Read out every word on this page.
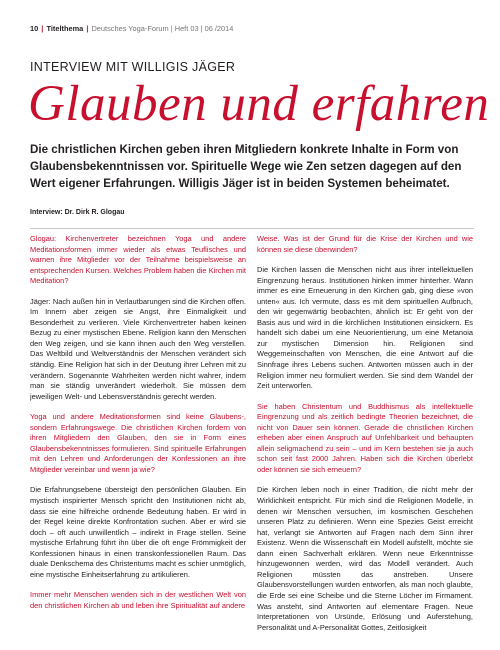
10 | Titelthema | Deutsches Yoga-Forum | Heft 03 | 06 /2014
INTERVIEW MIT WILLIGIS JÄGER
Glauben und erfahren
Die christlichen Kirchen geben ihren Mitgliedern konkrete Inhalte in Form von Glaubensbekenntnissen vor. Spirituelle Wege wie Zen setzen dagegen auf den Wert eigener Erfahrungen. Willigis Jäger ist in beiden Systemen beheimatet.
Interview: Dr. Dirk R. Glogau

Glogau: Kirchenvertreter bezeichnen Yoga und andere Meditationsformen immer wieder als etwas Teuflisches und warnen ihre Mitglieder vor der Teilnahme beispielsweise an entsprechenden Kursen. Welches Problem haben die Kirchen mit Meditation?

Jäger: Nach außen hin in Verlautbarungen sind die Kirchen offen. Im Innern aber zeigen sie Angst, ihre Einmaligkeit und Besonderheit zu verlieren. Viele Kirchenvertreter haben keinen Bezug zu einer mystischen Ebene. Religion kann den Menschen den Weg zeigen, und sie kann ihnen auch den Weg verstellen. Das Weltbild und Weltverständnis der Menschen verändert sich ständig. Eine Religion hat sich in der Deutung ihrer Lehren mit zu verändern. Sogenannte Wahrheiten werden nicht wahrer, indem man sie ständig unverändert wiederholt. Sie müssen dem jeweiligen Welt- und Lebensverständnis gerecht werden.

Yoga und andere Meditationsformen sind keine Glaubens-, sondern Erfahrungswege. Die christlichen Kirchen fordern von ihren Mitgliedern den Glauben, den sie in Form eines Glaubensbekenntnisses formulieren. Sind spirituelle Erfahrungen mit den Lehren und Anforderungen der Konfessionen an ihre Mitglieder vereinbar und wenn ja wie?

Die Erfahrungsebene übersteigt den persönlichen Glauben. Ein mystisch inspirierter Mensch spricht den Institutionen nicht ab, dass sie eine hilfreiche ordnende Bedeutung haben. Er wird in der Regel keine direkte Konfrontation suchen. Aber er wird sie doch – oft auch unwillentlich – indirekt in Frage stellen. Seine mystische Erfahrung führt ihn über die oft enge Frömmigkeit der Konfessionen hinaus in einen transkonfessionellen Raum. Das duale Denkschema des Christentums macht es schier unmöglich, eine mystische Einheitserfahrung zu artikulieren.

Immer mehr Menschen wenden sich in der westlichen Welt von den christlichen Kirchen ab und leben ihre Spiritualität auf andere

Weise. Was ist der Grund für die Krise der Kirchen und wie können sie diese überwinden?

Die Kirchen lassen die Menschen nicht aus ihrer intellektuellen Eingrenzung heraus. Institutionen hinken immer hinterher. Wann immer es eine Erneuerung in den Kirchen gab, ging diese »von unten« aus. Ich vermute, dass es mit dem spirituellen Aufbruch, den wir gegenwärtig beobachten, ähnlich ist: Er geht von der Basis aus und wird in die kirchlichen Institutionen einsickern. Es handelt sich dabei um eine Neuorientierung, um eine Metanoia zur mystischen Dimension hin. Religionen sind Weggemeinschaften von Menschen, die eine Antwort auf die Sinnfrage ihres Lebens suchen. Antworten müssen auch in der Religion immer neu formuliert werden. Sie sind dem Wandel der Zeit unterworfen.

Sie haben Christentum und Buddhismus als intellektuelle Eingrenzung und als zeitlich bedingte Theorien bezeichnet, die nicht von Dauer sein können. Gerade die christlichen Kirchen erheben aber einen Anspruch auf Unfehlbarkeit und behaupten allein seligmachend zu sein – und im Kern bestehen sie ja auch schon seit fast 2000 Jahren. Haben sich die Kirchen überlebt oder können sie sich erneuern?

Die Kirchen leben noch in einer Tradition, die nicht mehr der Wirklichkeit entspricht. Für mich sind die Religionen Modelle, in denen wir Menschen versuchen, im kosmischen Geschehen unseren Platz zu definieren. Wenn eine Spezies Geist erreicht hat, verlangt sie Antworten auf Fragen nach dem Sinn ihrer Existenz. Wenn die Wissenschaft ein Modell aufstellt, möchte sie dann einen Sachverhalt erklären. Wenn neue Erkenntnisse hinzugewonnen werden, wird das Modell verändert. Auch Religionen müssten das anstreben. Unsere Glaubensvorstellungen wurden entworfen, als man noch glaubte, die Erde sei eine Scheibe und die Sterne Löcher im Firmament. Was ansteht, sind Antworten auf elementare Fragen. Neue Interpretationen von Ursünde, Erlösung und Auferstehung, Personalität und A-Personalität Gottes, Zeitlosigkeit
